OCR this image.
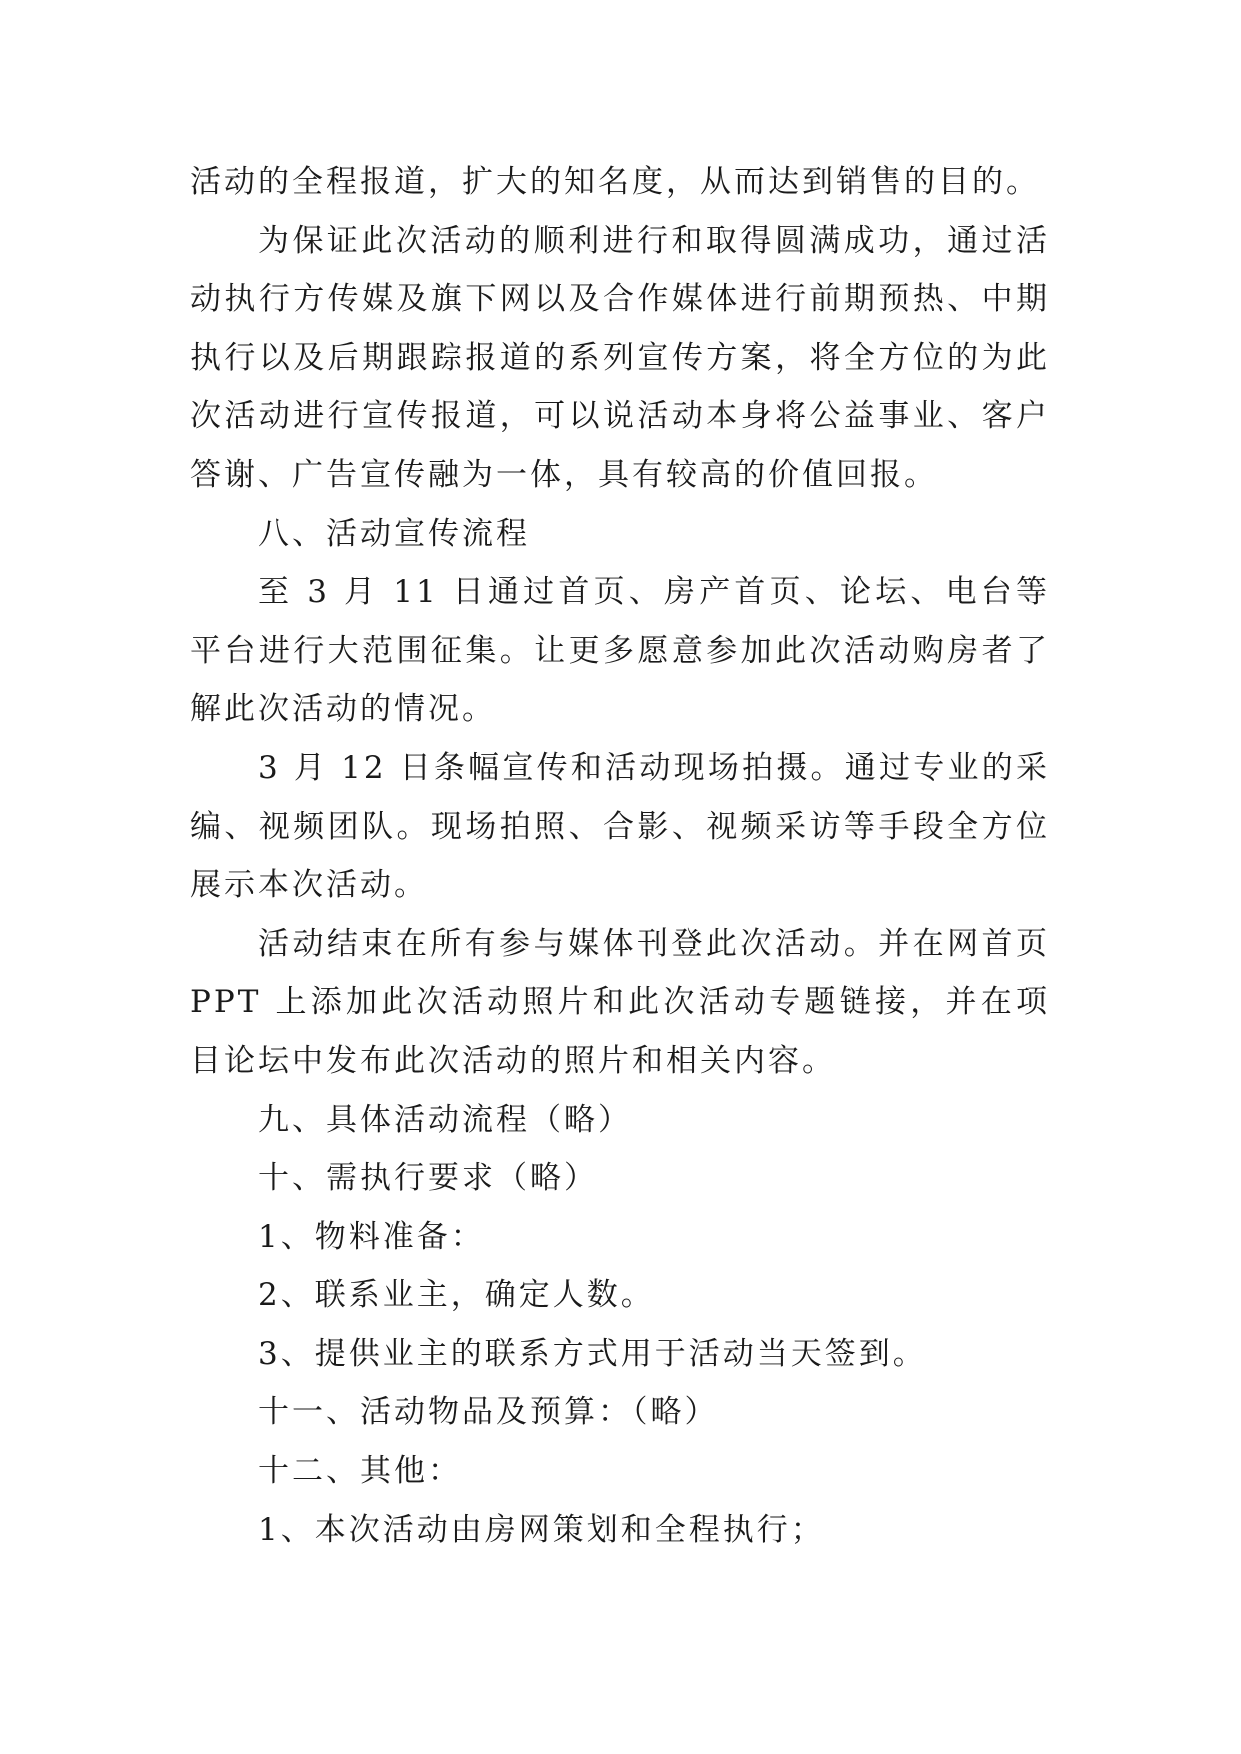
活动的全程报道，扩大的知名度，从而达到销售的目的。

为保证此次活动的顺利进行和取得圆满成功，通过活动执行方传媒及旗下网以及合作媒体进行前期预热、中期执行以及后期跟踪报道的系列宣传方案，将全方位的为此次活动进行宣传报道，可以说活动本身将公益事业、客户答谢、广告宣传融为一体，具有较高的价值回报。

八、活动宣传流程

至 3 月 11 日通过首页、房产首页、论坛、电台等平台进行大范围征集。让更多愿意参加此次活动购房者了解此次活动的情况。

3 月 12 日条幅宣传和活动现场拍摄。通过专业的采编、视频团队。现场拍照、合影、视频采访等手段全方位展示本次活动。

活动结束在所有参与媒体刊登此次活动。并在网首页 PPT 上添加此次活动照片和此次活动专题链接，并在项目论坛中发布此次活动的照片和相关内容。

九、具体活动流程（略）

十、需执行要求（略）

1、物料准备：

2、联系业主，确定人数。

3、提供业主的联系方式用于活动当天签到。

十一、活动物品及预算：（略）

十二、其他：

1、本次活动由房网策划和全程执行；
